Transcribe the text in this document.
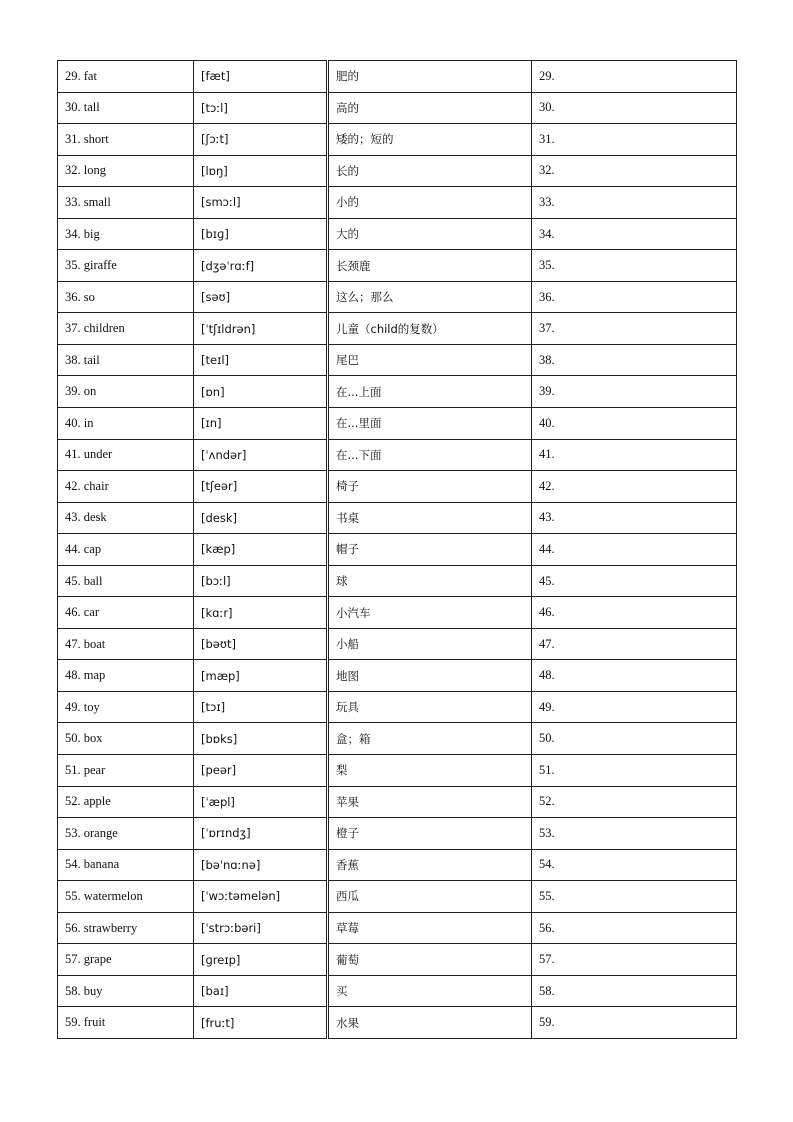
29. fat	[fæt]	肥的	29.
30. tall	[tɔːl]	高的	30.
31. short	[ʃɔːt]	矮的；短的	31.
32. long	[lɒŋ]	长的	32.
33. small	[smɔːl]	小的	33.
34. big	[bɪɡ]	大的	34.
35. giraffe	[dʒəˈrɑːf]	长颈鹿	35.
36. so	[səʊ]	这么；那么	36.
37. children	[ˈtʃɪldrən]	儿童（child的复数）	37.
38. tail	[teɪl]	尾巴	38.
39. on	[ɒn]	在...上面	39.
40. in	[ɪn]	在...里面	40.
41. under	[ˈʌndər]	在...下面	41.
42. chair	[tʃeər]	椅子	42.
43. desk	[desk]	书桌	43.
44. cap	[kæp]	帽子	44.
45. ball	[bɔːl]	球	45.
46. car	[kɑːr]	小汽车	46.
47. boat	[bəʊt]	小船	47.
48. map	[mæp]	地图	48.
49. toy	[tɔɪ]	玩具	49.
50. box	[bɒks]	盒；箱	50.
51. pear	[peər]	梨	51.
52. apple	[ˈæpl]	苹果	52.
53. orange	[ˈɒrɪndʒ]	橙子	53.
54. banana	[bəˈnɑːnə]	香蕉	54.
55. watermelon	[ˈwɔːtəmelən]	西瓜	55.
56. strawberry	[ˈstrɔːbəri]	草莓	56.
57. grape	[ɡreɪp]	葡萄	57.
58. buy	[baɪ]	买	58.
59. fruit	[fruːt]	水果	59.
